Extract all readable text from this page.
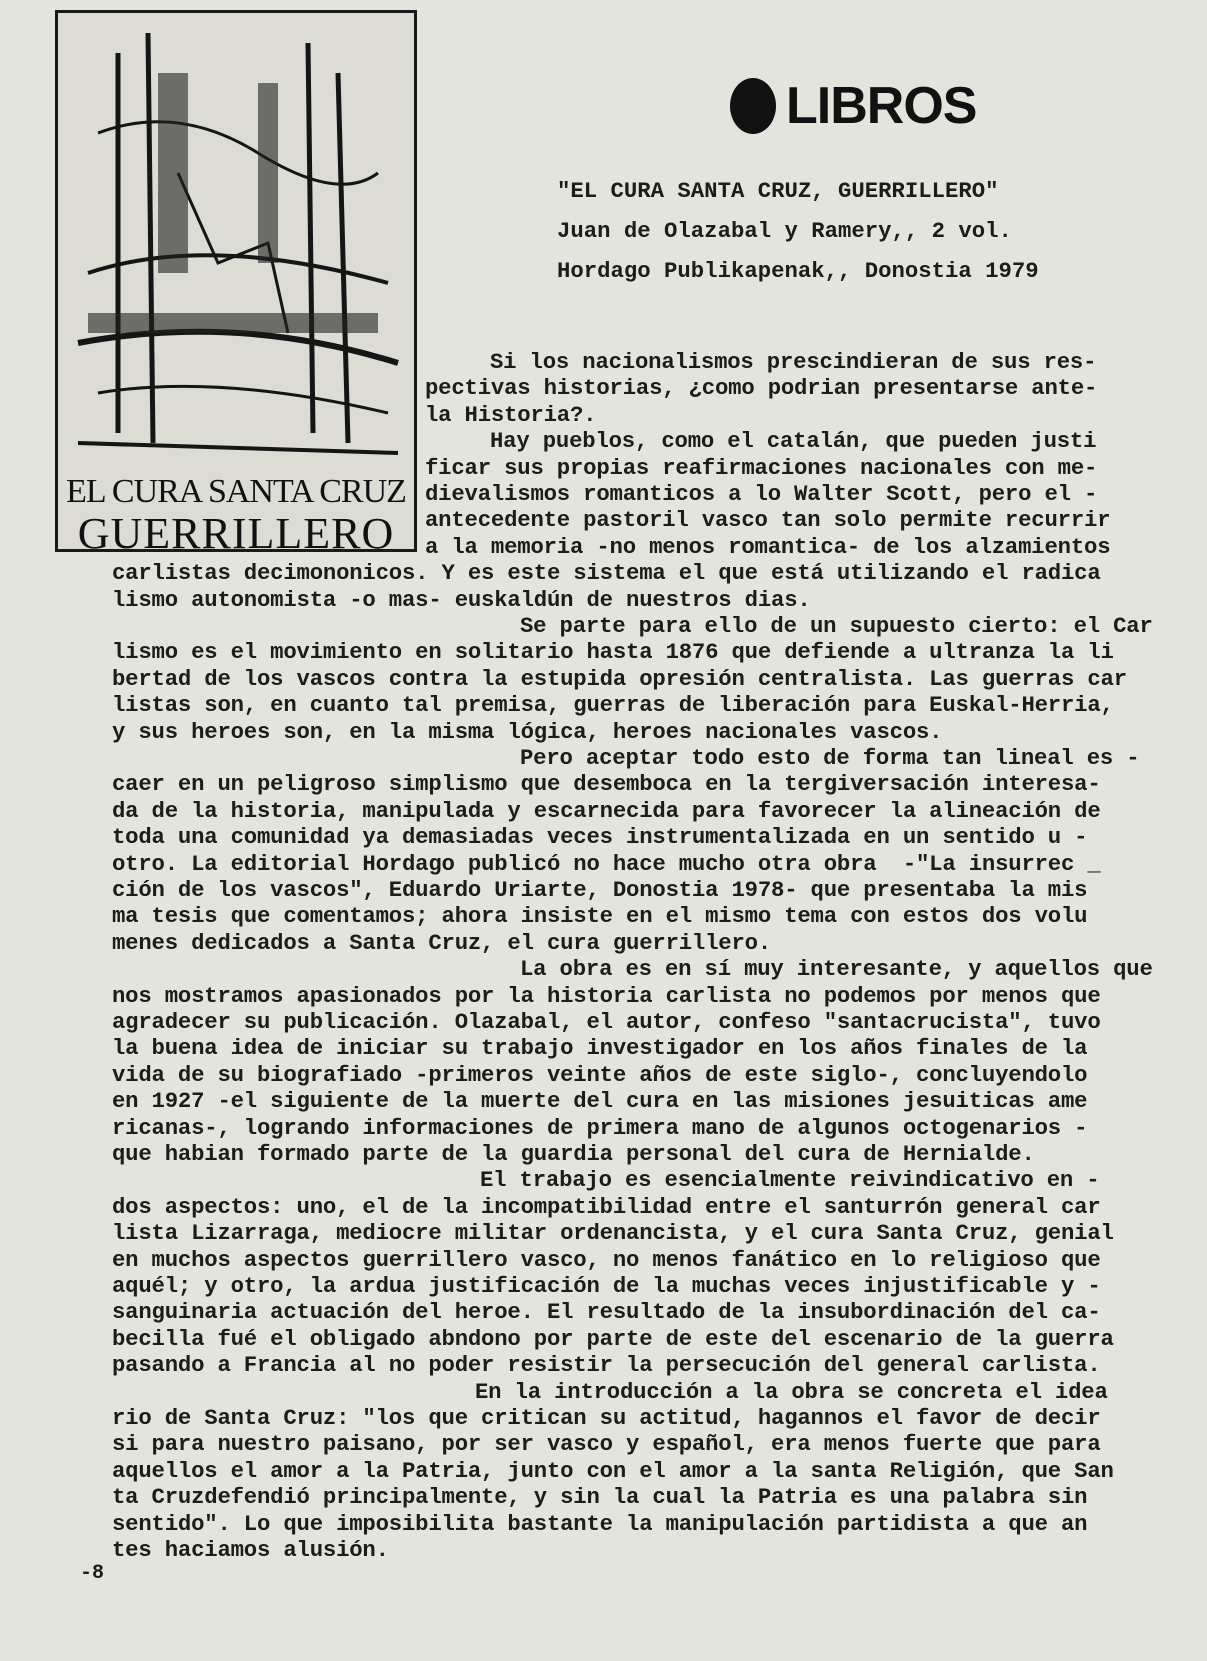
EL CURA SANTA CRUZ
GUERRILLERO
LIBROS
"EL CURA SANTA CRUZ, GUERRILLERO"
Juan de Olazabal y Ramery,, 2 vol.
Hordago Publikapenak,, Donostia 1979
Si los nacionalismos prescindieran de sus res-
pectivas historias, ¿como podrian presentarse ante-
la Historia?.
Hay pueblos, como el catalán, que pueden justi
ficar sus propias reafirmaciones nacionales con me-
dievalismos romanticos a lo Walter Scott, pero el -
antecedente pastoril vasco tan solo permite recurrir
a la memoria -no menos romantica- de los alzamientos
carlistas decimononicos. Y es este sistema el que está utilizando el radica
lismo autonomista -o mas- euskaldún de nuestros dias.
Se parte para ello de un supuesto cierto: el Car
lismo es el movimiento en solitario hasta 1876 que defiende a ultranza la li
bertad de los vascos contra la estupida opresión centralista. Las guerras car
listas son, en cuanto tal premisa, guerras de liberación para Euskal-Herria,
y sus heroes son, en la misma lógica, heroes nacionales vascos.
Pero aceptar todo esto de forma tan lineal es -
caer en un peligroso simplismo que desemboca en la tergiversación interesa-
da de la historia, manipulada y escarnecida para favorecer la alineación de
toda una comunidad ya demasiadas veces instrumentalizada en un sentido u -
otro. La editorial Hordago publicó no hace mucho otra obra  -"La insurrec _
ción de los vascos", Eduardo Uriarte, Donostia 1978- que presentaba la mis
ma tesis que comentamos; ahora insiste en el mismo tema con estos dos volu
menes dedicados a Santa Cruz, el cura guerrillero.
La obra es en sí muy interesante, y aquellos que
nos mostramos apasionados por la historia carlista no podemos por menos que
agradecer su publicación. Olazabal, el autor, confeso "santacrucista", tuvo
la buena idea de iniciar su trabajo investigador en los años finales de la
vida de su biografiado -primeros veinte años de este siglo-, concluyendolo
en 1927 -el siguiente de la muerte del cura en las misiones jesuiticas ame
ricanas-, logrando informaciones de primera mano de algunos octogenarios -
que habian formado parte de la guardia personal del cura de Hernialde.
El trabajo es esencialmente reivindicativo en -
dos aspectos: uno, el de la incompatibilidad entre el santurrón general car
lista Lizarraga, mediocre militar ordenancista, y el cura Santa Cruz, genial
en muchos aspectos guerrillero vasco, no menos fanático en lo religioso que
aquél; y otro, la ardua justificación de la muchas veces injustificable y -
sanguinaria actuación del heroe. El resultado de la insubordinación del ca-
becilla fué el obligado abndono por parte de este del escenario de la guerra
pasando a Francia al no poder resistir la persecución del general carlista.
En la introducción a la obra se concreta el idea
rio de Santa Cruz: "los que critican su actitud, hagannos el favor de decir
si para nuestro paisano, por ser vasco y español, era menos fuerte que para
aquellos el amor a la Patria, junto con el amor a la santa Religión, que San
ta Cruzdefendió principalmente, y sin la cual la Patria es una palabra sin
sentido". Lo que imposibilita bastante la manipulación partidista a que an
tes haciamos alusión.
-8
